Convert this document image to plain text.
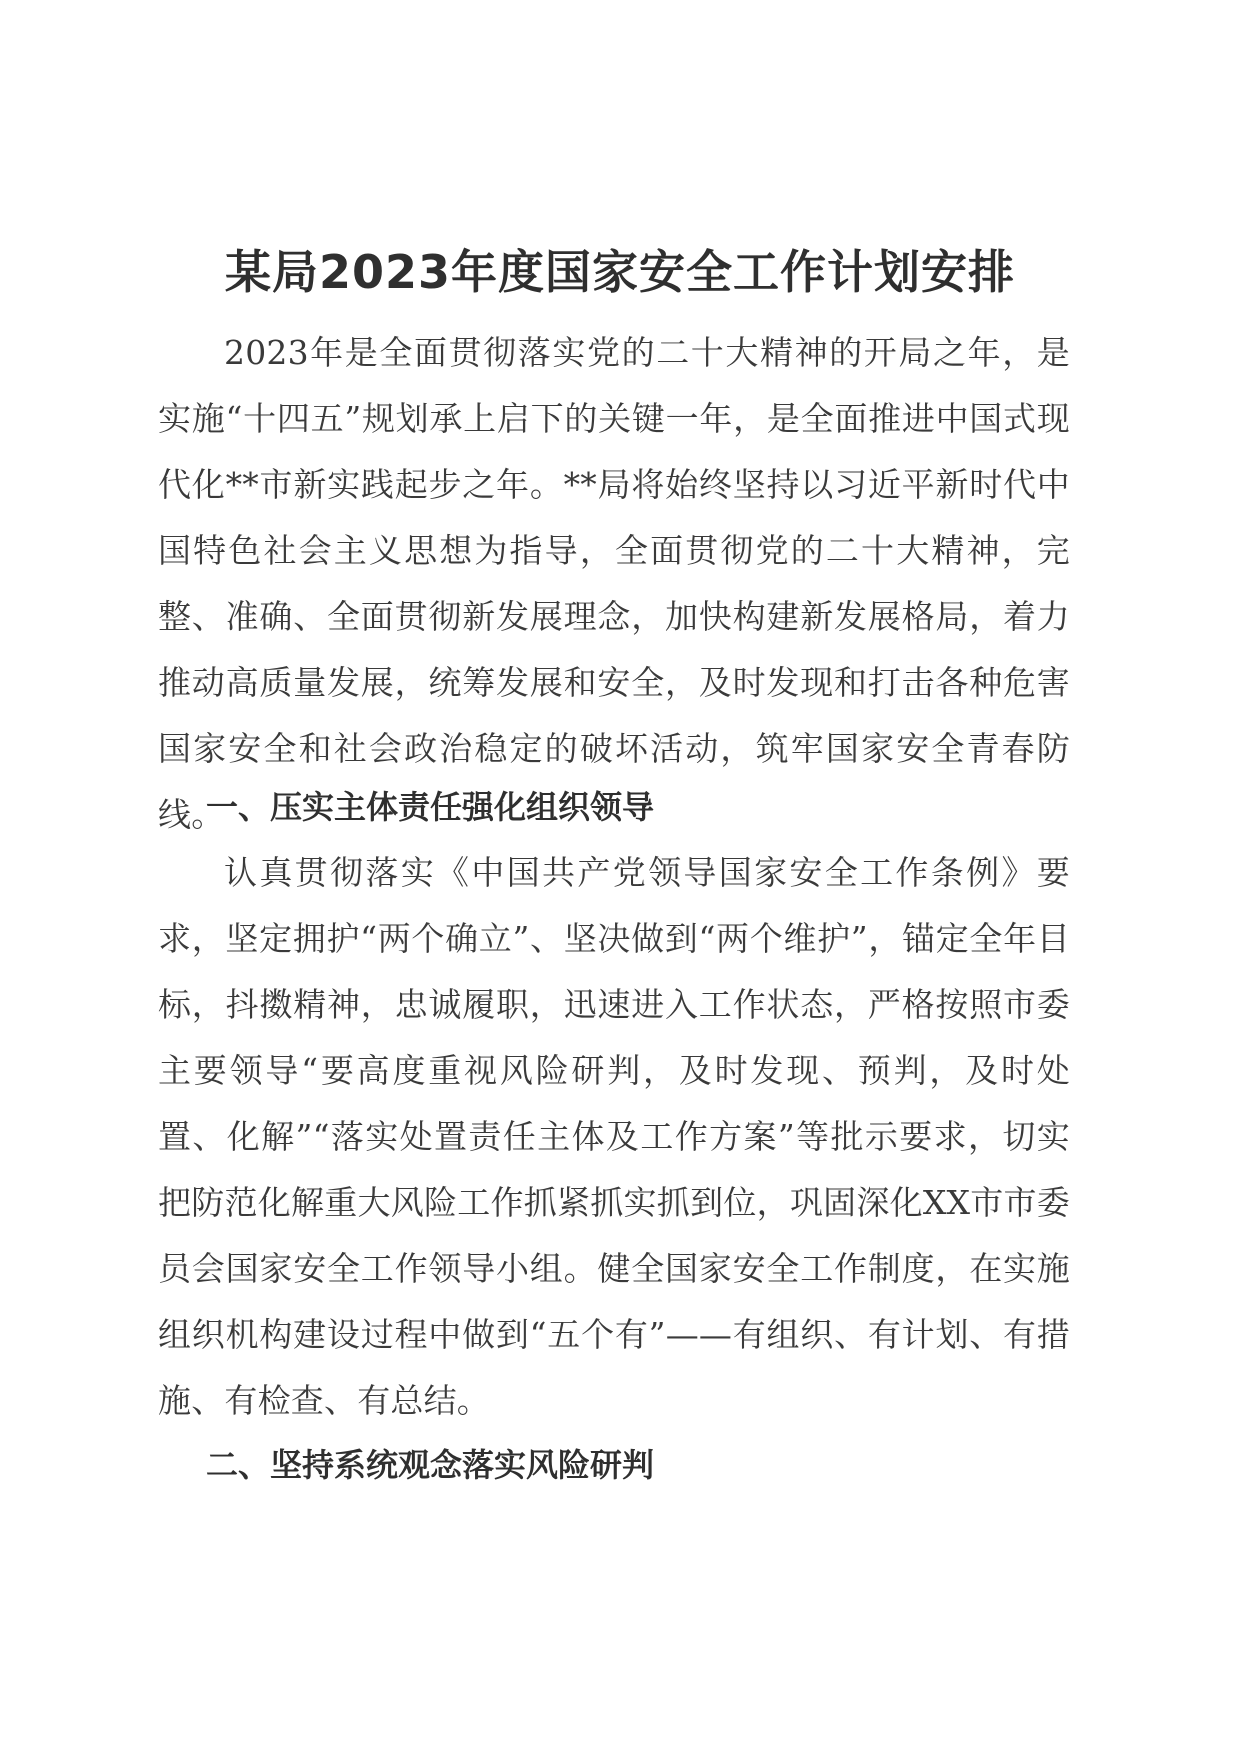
某局2023年度国家安全工作计划安排

2023年是全面贯彻落实党的二十大精神的开局之年，是实施“十四五”规划承上启下的关键一年，是全面推进中国式现代化**市新实践起步之年。**局将始终坚持以习近平新时代中国特色社会主义思想为指导，全面贯彻党的二十大精神，完整、准确、全面贯彻新发展理念，加快构建新发展格局，着力推动高质量发展，统筹发展和安全，及时发现和打击各种危害国家安全和社会政治稳定的破坏活动，筑牢国家安全青春防线。

一、压实主体责任强化组织领导

认真贯彻落实《中国共产党领导国家安全工作条例》要求，坚定拥护“两个确立”、坚决做到“两个维护”，锚定全年目标，抖擞精神，忠诚履职，迅速进入工作状态，严格按照市委主要领导“要高度重视风险研判，及时发现、预判，及时处置、化解”“落实处置责任主体及工作方案”等批示要求，切实把防范化解重大风险工作抓紧抓实抓到位，巩固深化XX市市委员会国家安全工作领导小组。健全国家安全工作制度，在实施组织机构建设过程中做到“五个有”——有组织、有计划、有措施、有检查、有总结。

二、坚持系统观念落实风险研判
